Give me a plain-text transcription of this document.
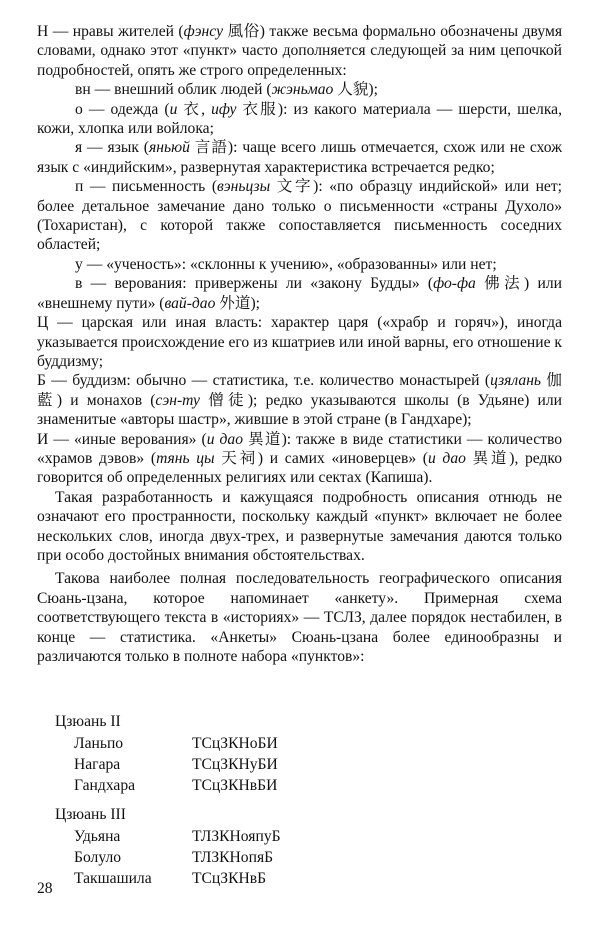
Н — нравы жителей (фэнсу 風俗) также весьма формально обозначены двумя словами, однако этот «пункт» часто дополняется следующей за ним цепочкой подробностей, опять же строго определенных:

вн — внешний облик людей (жэньмао 人貌);

о — одежда (и 衣, ифу 衣服): из какого материала — шерсти, шелка, кожи, хлопка или войлока;

я — язык (яньюй 言語): чаще всего лишь отмечается, схож или не схож язык с «индийским», развернутая характеристика встречается редко;

п — письменность (вэньцзы 文字): «по образцу индийской» или нет; более детальное замечание дано только о письменности «страны Духоло» (Тохаристан), с которой также сопоставляется письменность соседних областей;

у — «ученость»: «склонны к учению», «образованны» или нет;

в — верования: привержены ли «закону Будды» (фо-фа 佛法) или «внешнему пути» (вай-дао 外道);

Ц — царская или иная власть: характер царя («храбр и горяч»), иногда указывается происхождение его из кшатриев или иной варны, его отношение к буддизму;

Б — буддизм: обычно — статистика, т.е. количество монастырей (цзялань 伽藍) и монахов (сэн-ту 僧徒); редко указываются школы (в Удьяне) или знаменитые «авторы шастр», жившие в этой стране (в Гандхаре);

И — «иные верования» (и дао 異道): также в виде статистики — количество «храмов дэвов» (тянь цы 天祠) и самих «иноверцев» (и дао 異道), редко говорится об определенных религиях или сектах (Капиша).

Такая разработанность и кажущаяся подробность описания отнюдь не означают его пространности, поскольку каждый «пункт» включает не более нескольких слов, иногда двух-трех, и развернутые замечания даются только при особо достойных внимания обстоятельствах.

Такова наиболее полная последовательность географического описания Сюань-цзана, которое напоминает «анкету». Примерная схема соответствующего текста в «историях» — ТСЛЗ, далее порядок нестабилен, в конце — статистика. «Анкеты» Сюань-цзана более единообразны и различаются только в полноте набора «пунктов»:

Цзюань II
Ланьпо	ТСцЗКНоБИ
Нагара	ТСцЗКНуБИ
Гандхара	ТСцЗКНвБИ
Цзюань III
Удьяна	ТЛЗКНояпуБ
Болуло	ТЛЗКНопяБ
Такшашила	ТСцЗКНвБ
28
